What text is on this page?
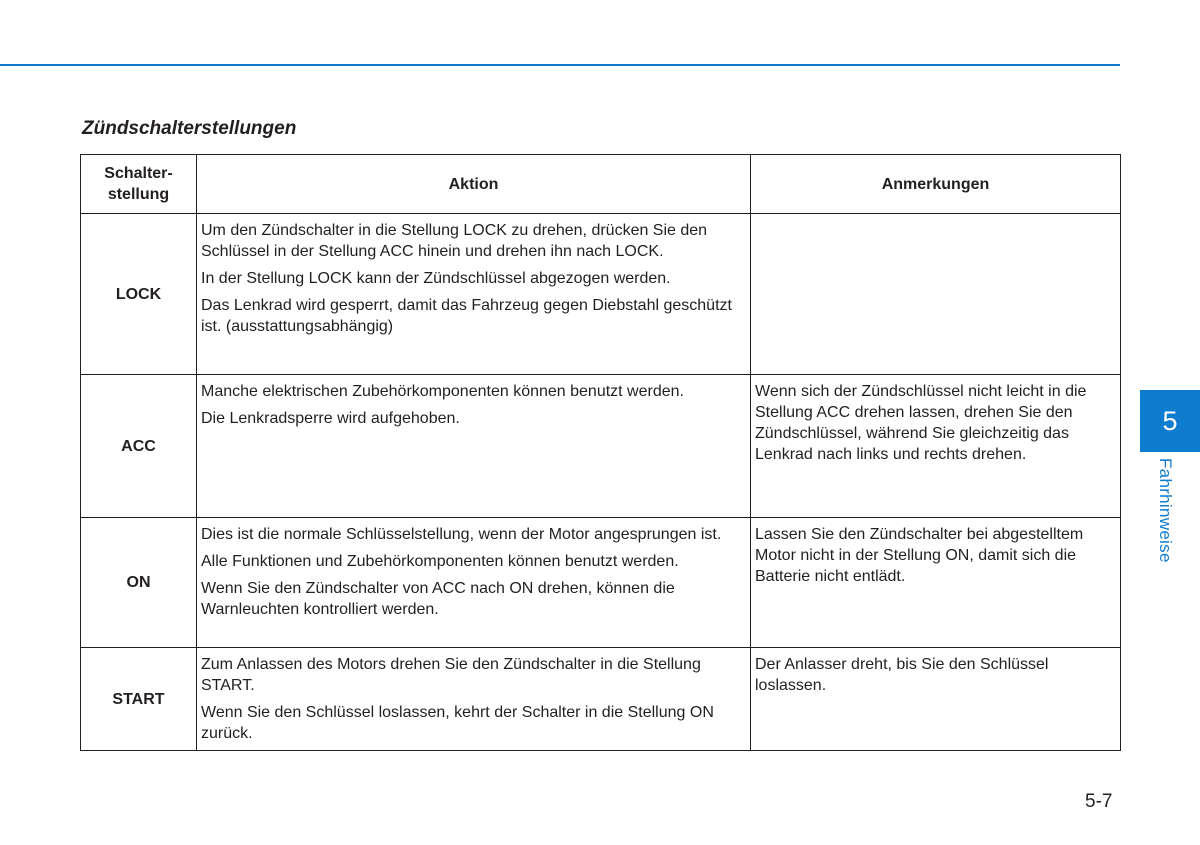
Zündschalterstellungen
Schalter-
stellung	Aktion	Anmerkungen
LOCK	Um den Zündschalter in die Stellung LOCK zu drehen, drücken Sie den Schlüssel in der Stellung ACC hinein und drehen ihn nach LOCK.

In der Stellung LOCK kann der Zündschlüssel abgezogen werden.

Das Lenkrad wird gesperrt, damit das Fahrzeug gegen Diebstahl geschützt ist. (ausstattungsabhängig)	

ACC	Manche elektrischen Zubehörkomponenten können benutzt werden.

Die Lenkradsperre wird aufgehoben.	Wenn sich der Zündschlüssel nicht leicht in die Stellung ACC drehen lassen, drehen Sie den Zündschlüssel, während Sie gleichzeitig das Lenkrad nach links und rechts drehen.

ON	Dies ist die normale Schlüsselstellung, wenn der Motor angesprungen ist.

Alle Funktionen und Zubehörkomponenten können benutzt werden.

Wenn Sie den Zündschalter von ACC nach ON drehen, können die Warnleuchten kontrolliert werden.	Lassen Sie den Zündschalter bei abgestelltem Motor nicht in der Stellung ON, damit sich die Batterie nicht entlädt.

START	Zum Anlassen des Motors drehen Sie den Zündschalter in die Stellung START.

Wenn Sie den Schlüssel loslassen, kehrt der Schalter in die Stellung ON zurück.	Der Anlasser dreht, bis Sie den Schlüssel loslassen.

5
Fahrhinweise
5-7
